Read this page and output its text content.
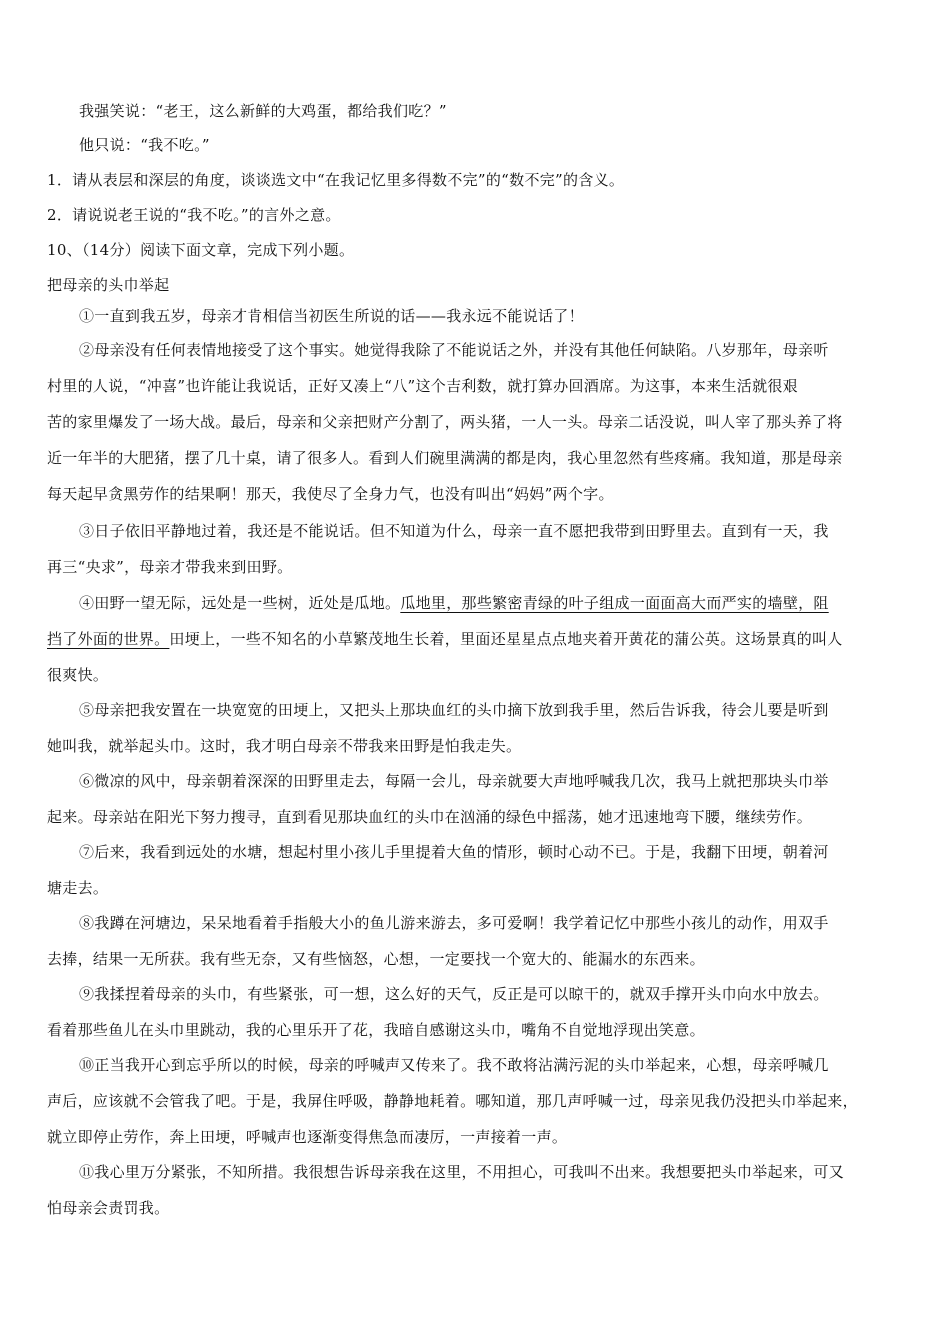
我强笑说：“老王，这么新鲜的大鸡蛋，都给我们吃？”
他只说：“我不吃。”
1．请从表层和深层的角度，谈谈选文中“在我记忆里多得数不完”的“数不完”的含义。
2．请说说老王说的“我不吃。”的言外之意。
10、（14分）阅读下面文章，完成下列小题。
把母亲的头巾举起
①一直到我五岁，母亲才肯相信当初医生所说的话——我永远不能说话了！
②母亲没有任何表情地接受了这个事实。她觉得我除了不能说话之外，并没有其他任何缺陷。八岁那年，母亲听
村里的人说，“冲喜”也许能让我说话，正好又凑上“八”这个吉利数，就打算办回酒席。为这事，本来生活就很艰
苦的家里爆发了一场大战。最后，母亲和父亲把财产分割了，两头猪，一人一头。母亲二话没说，叫人宰了那头养了将
近一年半的大肥猪，摆了几十桌，请了很多人。看到人们碗里满满的都是肉，我心里忽然有些疼痛。我知道，那是母亲
每天起早贪黑劳作的结果啊！那天，我使尽了全身力气，也没有叫出“妈妈”两个字。
③日子依旧平静地过着，我还是不能说话。但不知道为什么，母亲一直不愿把我带到田野里去。直到有一天，我
再三“央求”，母亲才带我来到田野。
④田野一望无际，远处是一些树，近处是瓜地。瓜地里，那些繁密青绿的叶子组成一面面高大而严实的墙壁，阻
挡了外面的世界。田埂上，一些不知名的小草繁茂地生长着，里面还星星点点地夹着开黄花的蒲公英。这场景真的叫人
很爽快。
⑤母亲把我安置在一块宽宽的田埂上，又把头上那块血红的头巾摘下放到我手里，然后告诉我，待会儿要是听到
她叫我，就举起头巾。这时，我才明白母亲不带我来田野是怕我走失。
⑥微凉的风中，母亲朝着深深的田野里走去，每隔一会儿，母亲就要大声地呼喊我几次，我马上就把那块头巾举
起来。母亲站在阳光下努力搜寻，直到看见那块血红的头巾在汹涌的绿色中摇荡，她才迅速地弯下腰，继续劳作。
⑦后来，我看到远处的水塘，想起村里小孩儿手里提着大鱼的情形，顿时心动不已。于是，我翻下田埂，朝着河
塘走去。
⑧我蹲在河塘边，呆呆地看着手指般大小的鱼儿游来游去，多可爱啊！我学着记忆中那些小孩儿的动作，用双手
去捧，结果一无所获。我有些无奈，又有些恼怒，心想，一定要找一个宽大的、能漏水的东西来。
⑨我揉捏着母亲的头巾，有些紧张，可一想，这么好的天气，反正是可以晾干的，就双手撑开头巾向水中放去。
看着那些鱼儿在头巾里跳动，我的心里乐开了花，我暗自感谢这头巾，嘴角不自觉地浮现出笑意。
⑩正当我开心到忘乎所以的时候，母亲的呼喊声又传来了。我不敢将沾满污泥的头巾举起来，心想，母亲呼喊几
声后，应该就不会管我了吧。于是，我屏住呼吸，静静地耗着。哪知道，那几声呼喊一过，母亲见我仍没把头巾举起来，
就立即停止劳作，奔上田埂，呼喊声也逐渐变得焦急而凄厉，一声接着一声。
⑪我心里万分紧张，不知所措。我很想告诉母亲我在这里，不用担心，可我叫不出来。我想要把头巾举起来，可又
怕母亲会责罚我。
